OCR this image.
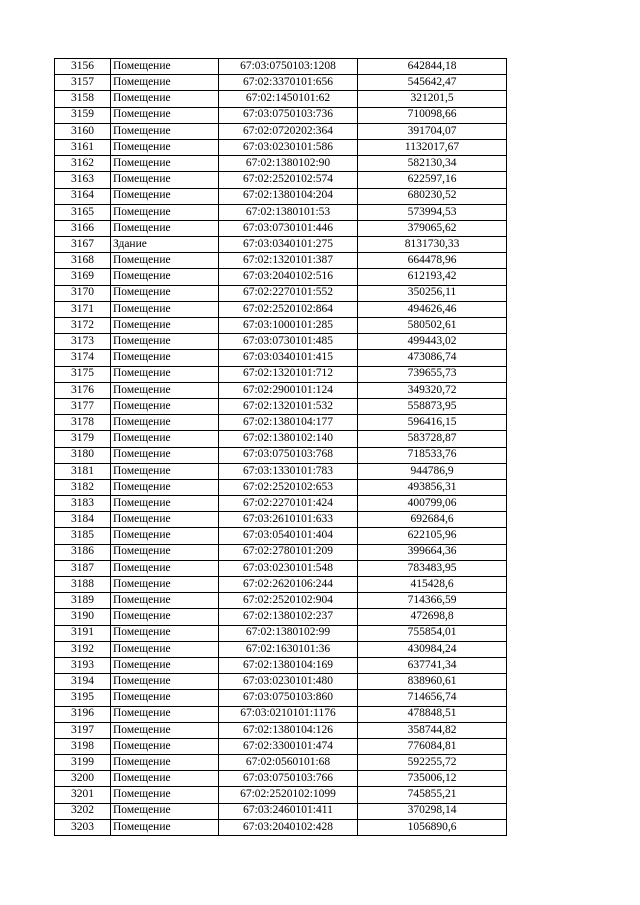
3156	Помещение	67:03:0750103:1208	642844,18
3157	Помещение	67:02:3370101:656	545642,47
3158	Помещение	67:02:1450101:62	321201,5
3159	Помещение	67:03:0750103:736	710098,66
3160	Помещение	67:02:0720202:364	391704,07
3161	Помещение	67:03:0230101:586	1132017,67
3162	Помещение	67:02:1380102:90	582130,34
3163	Помещение	67:02:2520102:574	622597,16
3164	Помещение	67:02:1380104:204	680230,52
3165	Помещение	67:02:1380101:53	573994,53
3166	Помещение	67:03:0730101:446	379065,62
3167	Здание	67:03:0340101:275	8131730,33
3168	Помещение	67:02:1320101:387	664478,96
3169	Помещение	67:03:2040102:516	612193,42
3170	Помещение	67:02:2270101:552	350256,11
3171	Помещение	67:02:2520102:864	494626,46
3172	Помещение	67:03:1000101:285	580502,61
3173	Помещение	67:03:0730101:485	499443,02
3174	Помещение	67:03:0340101:415	473086,74
3175	Помещение	67:02:1320101:712	739655,73
3176	Помещение	67:02:2900101:124	349320,72
3177	Помещение	67:02:1320101:532	558873,95
3178	Помещение	67:02:1380104:177	596416,15
3179	Помещение	67:02:1380102:140	583728,87
3180	Помещение	67:03:0750103:768	718533,76
3181	Помещение	67:03:1330101:783	944786,9
3182	Помещение	67:02:2520102:653	493856,31
3183	Помещение	67:02:2270101:424	400799,06
3184	Помещение	67:03:2610101:633	692684,6
3185	Помещение	67:03:0540101:404	622105,96
3186	Помещение	67:02:2780101:209	399664,36
3187	Помещение	67:03:0230101:548	783483,95
3188	Помещение	67:02:2620106:244	415428,6
3189	Помещение	67:02:2520102:904	714366,59
3190	Помещение	67:02:1380102:237	472698,8
3191	Помещение	67:02:1380102:99	755854,01
3192	Помещение	67:02:1630101:36	430984,24
3193	Помещение	67:02:1380104:169	637741,34
3194	Помещение	67:03:0230101:480	838960,61
3195	Помещение	67:03:0750103:860	714656,74
3196	Помещение	67:03:0210101:1176	478848,51
3197	Помещение	67:02:1380104:126	358744,82
3198	Помещение	67:02:3300101:474	776084,81
3199	Помещение	67:02:0560101:68	592255,72
3200	Помещение	67:03:0750103:766	735006,12
3201	Помещение	67:02:2520102:1099	745855,21
3202	Помещение	67:03:2460101:411	370298,14
3203	Помещение	67:03:2040102:428	1056890,6
